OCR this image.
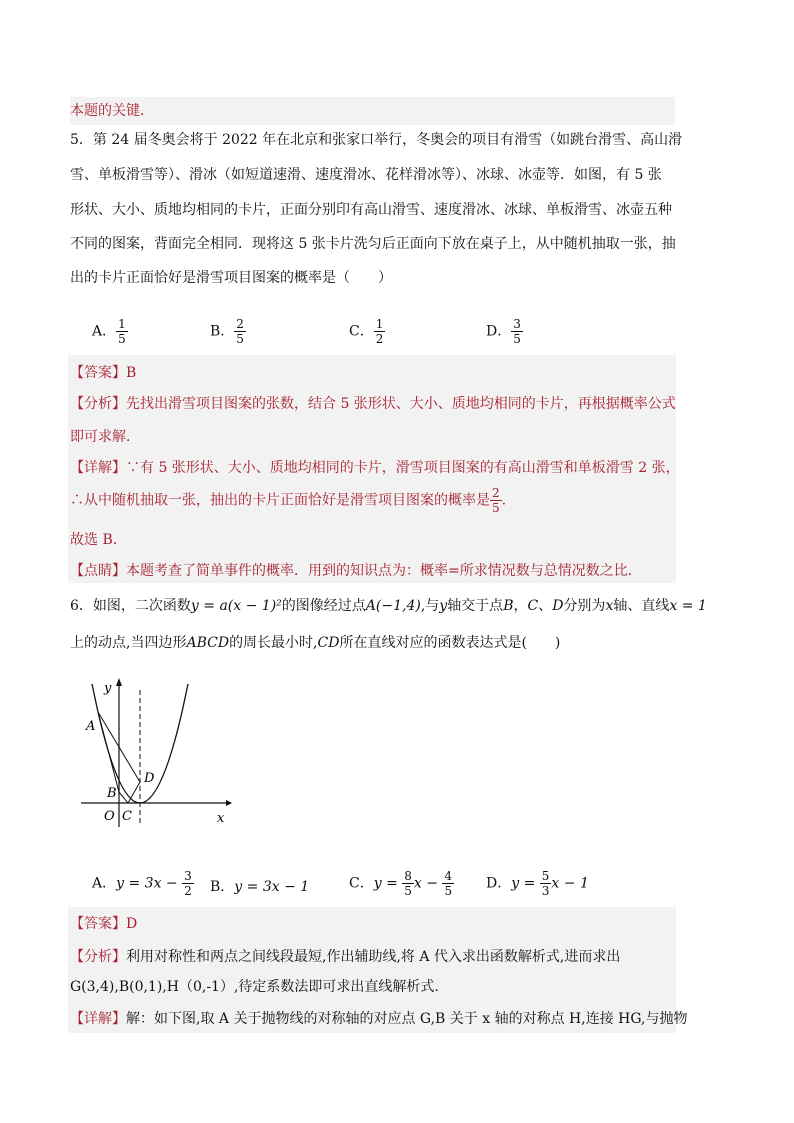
本题的关键．
5．第 24 届冬奥会将于 2022 年在北京和张家口举行，冬奥会的项目有滑雪（如跳台滑雪、高山滑
雪、单板滑雪等）、滑冰（如短道速滑、速度滑冰、花样滑冰等）、冰球、冰壶等．如图，有 5 张
形状、大小、质地均相同的卡片，正面分别印有高山滑雪、速度滑冰、冰球、单板滑雪、冰壶五种
不同的图案，背面完全相同．现将这 5 张卡片洗匀后正面向下放在桌子上，从中随机抽取一张，抽
出的卡片正面恰好是滑雪项目图案的概率是（　　）
A． $\frac{1}{5}$	B． $\frac{2}{5}$	C． $\frac{1}{2}$	D． $\frac{3}{5}$
【答案】B
【分析】先找出滑雪项目图案的张数，结合 5 张形状、大小、质地均相同的卡片，再根据概率公式
即可求解．
【详解】∵有 5 张形状、大小、质地均相同的卡片，滑雪项目图案的有高山滑雪和单板滑雪 2 张，
∴从中随机抽取一张，抽出的卡片正面恰好是滑雪项目图案的概率是 $\frac{2}{5}$ .
故选 B．
【点睛】本题考查了简单事件的概率．用到的知识点为：概率=所求情况数与总情况数之比．
6．如图，二次函数y = a(x − 1)²的图像经过点A(−1,4),与y轴交于点B，C、D分别为x轴、直线x = 1
上的动点,当四边形ABCD的周长最小时,CD所在直线对应的函数表达式是(　　)
y
x
A
B
C
D
O
A．$y = 3x - \frac{3}{2}$ B．y = 3x − 1	C．$y = \frac{8}{5}$ $x - \frac{4}{5}$ D．$y = \frac{5}{3}$ x − 1
【答案】D
【分析】利用对称性和两点之间线段最短,作出辅助线,将 A 代入求出函数解析式,进而求出
G(3,4),B(0,1),H（0,-1）,待定系数法即可求出直线解析式.
【详解】解：如下图,取 A 关于抛物线的对称轴的对应点 G,B 关于 x 轴的对称点 H,连接 HG,与抛物
